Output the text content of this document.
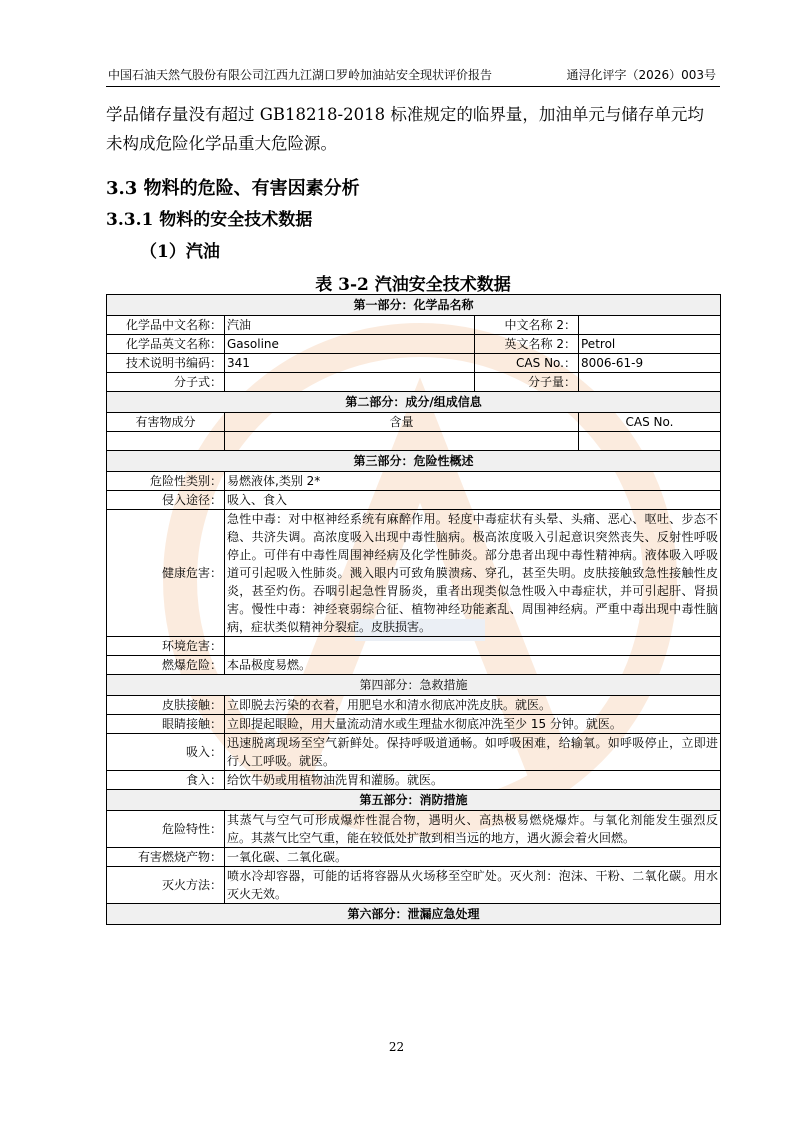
中国石油天然气股份有限公司江西九江湖口罗岭加油站安全现状评价报告	通浔化评字（2026）003号
学品储存量没有超过 GB18218-2018 标准规定的临界量，加油单元与储存单元均
未构成危险化学品重大危险源。
3.3 物料的危险、有害因素分析
3.3.1 物料的安全技术数据
（1）汽油
表 3-2 汽油安全技术数据
第一部分：化学品名称			
化学品中文名称：	汽油	中文名称 2：	
化学品英文名称：	Gasoline	英文名称 2：	Petrol
技术说明书编码：	341	CAS No.：	8006-61-9
分子式：		分子量：	
第二部分：成分/组成信息			
有害物成分	含量		CAS No.

第三部分：危险性概述			
危险性类别：	易燃液体,类别 2*		
侵入途径：	吸入、食入		
健康危害：	急性中毒：对中枢神经系统有麻醉作用。轻度中毒症状有头晕、头痛、恶心、呕吐、步态不稳、共济失调。高浓度吸入出现中毒性脑病。极高浓度吸入引起意识突然丧失、反射性呼吸停止。可伴有中毒性周围神经病及化学性肺炎。部分患者出现中毒性精神病。液体吸入呼吸道可引起吸入性肺炎。溅入眼内可致角膜溃疡、穿孔，甚至失明。皮肤接触致急性接触性皮炎，甚至灼伤。吞咽引起急性胃肠炎，重者出现类似急性吸入中毒症状，并可引起肝、肾损害。慢性中毒：神经衰弱综合征、植物神经功能紊乱、周围神经病。严重中毒出现中毒性脑病，症状类似精神分裂症。皮肤损害。		
环境危害：			
燃爆危险：	本品极度易燃。		
第四部分：急救措施			
皮肤接触：	立即脱去污染的衣着，用肥皂水和清水彻底冲洗皮肤。就医。		
眼睛接触：	立即提起眼睑，用大量流动清水或生理盐水彻底冲洗至少 15 分钟。就医。		
吸入：	迅速脱离现场至空气新鲜处。保持呼吸道通畅。如呼吸困难，给输氧。如呼吸停止，立即进行人工呼吸。就医。		
食入：	给饮牛奶或用植物油洗胃和灌肠。就医。		
第五部分：消防措施			
危险特性：	其蒸气与空气可形成爆炸性混合物，遇明火、高热极易燃烧爆炸。与氧化剂能发生强烈反应。其蒸气比空气重，能在较低处扩散到相当远的地方，遇火源会着火回燃。		
有害燃烧产物：	一氧化碳、二氧化碳。		
灭火方法：	喷水冷却容器，可能的话将容器从火场移至空旷处。灭火剂：泡沫、干粉、二氧化碳。用水灭火无效。		
第六部分：泄漏应急处理			
22
